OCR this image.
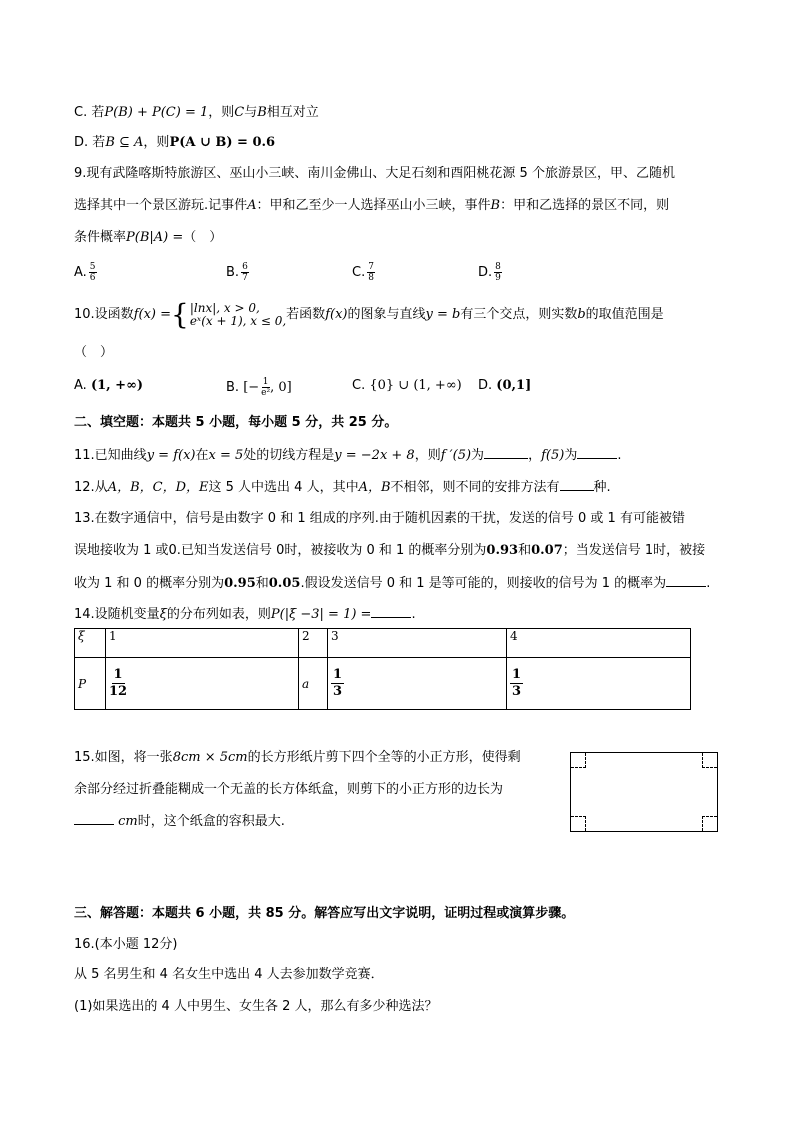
C. 若P(B) + P(C) = 1，则C与B相互对立
D. 若B ⊆ A，则P(A ∪ B) = 0.6
9.现有武隆喀斯特旅游区、巫山小三峡、南川金佛山、大足石刻和酉阳桃花源 5 个旅游景区，甲、乙随机
选择其中一个景区游玩.记事件A：甲和乙至少一人选择巫山小三峡，事件B：甲和乙选择的景区不同，则
条件概率P(B|A) =（　）
A. $\frac{5}{6}$	B. $\frac{6}{7}$	C. $\frac{7}{8}$	D. $\frac{8}{9}$
10.设函数f(x) ={ |lnx|, x > 0,
eˣ(x + 1), x ≤ 0, 若函数f(x)的图象与直线y = b有三个交点，则实数b的取值范围是
（　）
A. (1, +∞)	B. [− $\frac{1}{\text{e²}}$ , 0]	C. {0} ∪ (1, +∞) D. (0,1]
二、填空题：本题共 5 小题，每小题 5 分，共 25 分。
11.已知曲线y = f(x)在x = 5处的切线方程是y = −2x + 8，则f ′(5)为	，f(5)为	.
12.从A，B，C，D，E这 5 人中选出 4 人，其中A，B不相邻，则不同的安排方法有	种.
13.在数字通信中，信号是由数字 0 和 1 组成的序列.由于随机因素的干扰，发送的信号 0 或 1 有可能被错
误地接收为 1 或0.已知当发送信号 0时，被接收为 0 和 1 的概率分别为0.93和0.07；当发送信号 1时，被接
收为 1 和 0 的概率分别为0.95和0.05.假设发送信号 0 和 1 是等可能的，则接收的信号为 1 的概率为	.
14.设随机变量ξ的分布列如表，则P(|ξ −3| = 1) =	.
ξ	1	2	3	4
P	$\frac{1}{12}$	a	$\frac{1}{3}$	$\frac{1}{3}$
15.如图，将一张8cm × 5cm的长方形纸片剪下四个全等的小正方形，使得剩
余部分经过折叠能糊成一个无盖的长方体纸盒，则剪下的小正方形的边长为
cm时，这个纸盒的容积最大.
三、解答题：本题共 6 小题，共 85 分。解答应写出文字说明，证明过程或演算步骤。
16.(本小题 12分)
从 5 名男生和 4 名女生中选出 4 人去参加数学竞赛．
(1)如果选出的 4 人中男生、女生各 2 人，那么有多少种选法？
